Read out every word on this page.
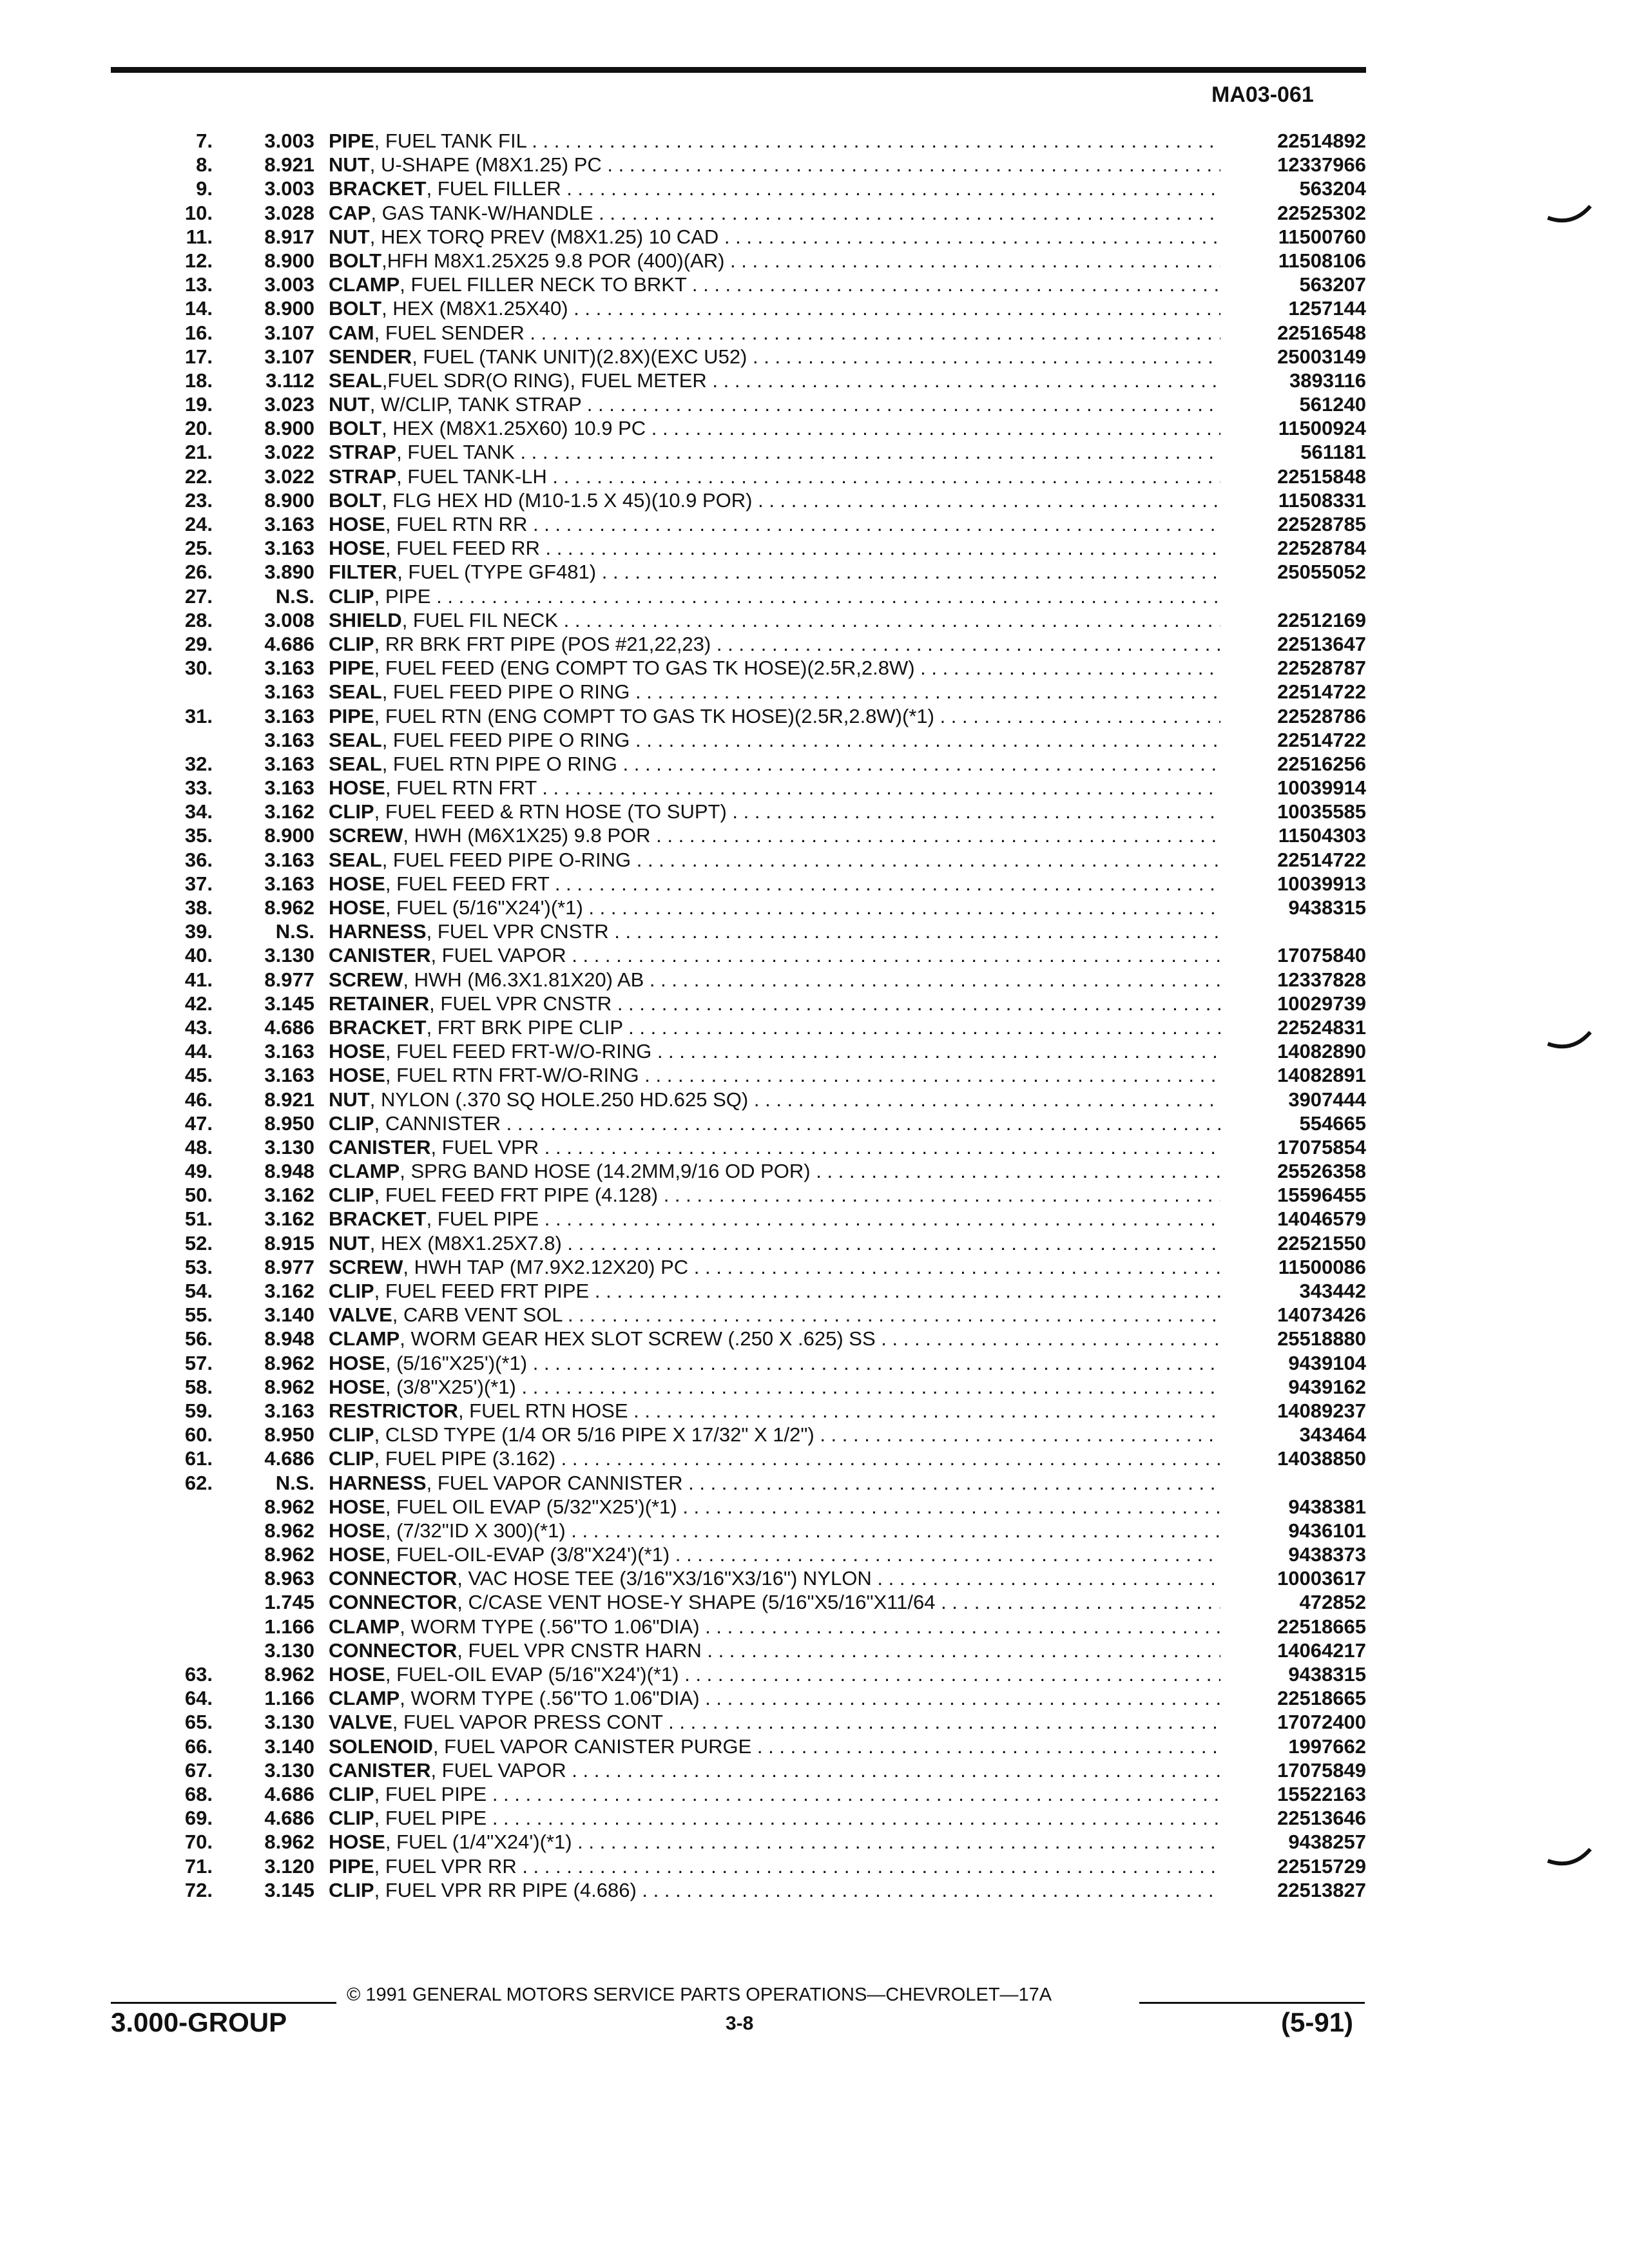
MA03-061
7.	3.003 PIPE, FUEL TANK FIL . . .	22514892
8.	8.921 NUT, U-SHAPE (M8X1.25) PC . . .	12337966
9.	3.003 BRACKET, FUEL FILLER . . .	563204
10.	3.028 CAP, GAS TANK-W/HANDLE . . .	22525302
11.	8.917 NUT, HEX TORQ PREV (M8X1.25) 10 CAD . . .	11500760
12.	8.900 BOLT,HFH M8X1.25X25 9.8 POR (400)(AR) . . .	11508106
13.	3.003 CLAMP, FUEL FILLER NECK TO BRKT . . .	563207
14.	8.900 BOLT, HEX (M8X1.25X40) . . .	1257144
16.	3.107 CAM, FUEL SENDER . . .	22516548
17.	3.107 SENDER, FUEL (TANK UNIT)(2.8X)(EXC U52) . . .	25003149
18.	3.112 SEAL,FUEL SDR(O RING), FUEL METER . . .	3893116
19.	3.023 NUT, W/CLIP, TANK STRAP . . .	561240
20.	8.900 BOLT, HEX (M8X1.25X60) 10.9 PC . . .	11500924
21.	3.022 STRAP, FUEL TANK . . .	561181
22.	3.022 STRAP, FUEL TANK-LH . . .	22515848
23.	8.900 BOLT, FLG HEX HD (M10-1.5 X 45)(10.9 POR) . . .	11508331
24.	3.163 HOSE, FUEL RTN RR . . .	22528785
25.	3.163 HOSE, FUEL FEED RR . . .	22528784
26.	3.890 FILTER, FUEL (TYPE GF481) . . .	25055052
27.	N.S. CLIP, PIPE . . .
28.	3.008 SHIELD, FUEL FIL NECK . . .	22512169
29.	4.686 CLIP, RR BRK FRT PIPE (POS #21,22,23) . . .	22513647
30.	3.163 PIPE, FUEL FEED (ENG COMPT TO GAS TK HOSE)(2.5R,2.8W) . . .	22528787
3.163 SEAL, FUEL FEED PIPE O RING . . .	22514722
31.	3.163 PIPE, FUEL RTN (ENG COMPT TO GAS TK HOSE)(2.5R,2.8W)(*1) . . .	22528786
3.163 SEAL, FUEL FEED PIPE O RING . . .	22514722
32.	3.163 SEAL, FUEL RTN PIPE O RING . . .	22516256
33.	3.163 HOSE, FUEL RTN FRT . . .	10039914
34.	3.162 CLIP, FUEL FEED & RTN HOSE (TO SUPT) . . .	10035585
35.	8.900 SCREW, HWH (M6X1X25) 9.8 POR . . .	11504303
36.	3.163 SEAL, FUEL FEED PIPE O-RING . . .	22514722
37.	3.163 HOSE, FUEL FEED FRT . . .	10039913
38.	8.962 HOSE, FUEL (5/16"X24')(*1) . . .	9438315
39.	N.S. HARNESS, FUEL VPR CNSTR . . .
40.	3.130 CANISTER, FUEL VAPOR . . .	17075840
41.	8.977 SCREW, HWH (M6.3X1.81X20) AB . . .	12337828
42.	3.145 RETAINER, FUEL VPR CNSTR . . .	10029739
43.	4.686 BRACKET, FRT BRK PIPE CLIP . . .	22524831
44.	3.163 HOSE, FUEL FEED FRT-W/O-RING . . .	14082890
45.	3.163 HOSE, FUEL RTN FRT-W/O-RING . . .	14082891
46.	8.921 NUT, NYLON (.370 SQ HOLE.250 HD.625 SQ) . . .	3907444
47.	8.950 CLIP, CANNISTER . . .	554665
48.	3.130 CANISTER, FUEL VPR . . .	17075854
49.	8.948 CLAMP, SPRG BAND HOSE (14.2MM,9/16 OD POR) . . .	25526358
50.	3.162 CLIP, FUEL FEED FRT PIPE (4.128) . . .	15596455
51.	3.162 BRACKET, FUEL PIPE . . .	14046579
52.	8.915 NUT, HEX (M8X1.25X7.8) . . .	22521550
53.	8.977 SCREW, HWH TAP (M7.9X2.12X20) PC . . .	11500086
54.	3.162 CLIP, FUEL FEED FRT PIPE . . .	343442
55.	3.140 VALVE, CARB VENT SOL . . .	14073426
56.	8.948 CLAMP, WORM GEAR HEX SLOT SCREW (.250 X .625) SS . . .	25518880
57.	8.962 HOSE, (5/16"X25')(*1) . . .	9439104
58.	8.962 HOSE, (3/8"X25')(*1) . . .	9439162
59.	3.163 RESTRICTOR, FUEL RTN HOSE . . .	14089237
60.	8.950 CLIP, CLSD TYPE (1/4 OR 5/16 PIPE X 17/32" X 1/2") . . .	343464
61.	4.686 CLIP, FUEL PIPE (3.162) . . .	14038850
62.	N.S. HARNESS, FUEL VAPOR CANNISTER . . .
8.962 HOSE, FUEL OIL EVAP (5/32"X25')(*1) . . .	9438381
8.962 HOSE, (7/32"ID X 300)(*1) . . .	9436101
8.962 HOSE, FUEL-OIL-EVAP (3/8"X24')(*1) . . .	9438373
8.963 CONNECTOR, VAC HOSE TEE (3/16"X3/16"X3/16") NYLON . . .	10003617
1.745 CONNECTOR, C/CASE VENT HOSE-Y SHAPE (5/16"X5/16"X11/64 . . .	472852
1.166 CLAMP, WORM TYPE (.56"TO 1.06"DIA) . . .	22518665
3.130 CONNECTOR, FUEL VPR CNSTR HARN . . .	14064217
63.	8.962 HOSE, FUEL-OIL EVAP (5/16"X24')(*1) . . .	9438315
64.	1.166 CLAMP, WORM TYPE (.56"TO 1.06"DIA) . . .	22518665
65.	3.130 VALVE, FUEL VAPOR PRESS CONT . . .	17072400
66.	3.140 SOLENOID, FUEL VAPOR CANISTER PURGE . . .	1997662
67.	3.130 CANISTER, FUEL VAPOR . . .	17075849
68.	4.686 CLIP, FUEL PIPE . . .	15522163
69.	4.686 CLIP, FUEL PIPE . . .	22513646
70.	8.962 HOSE, FUEL (1/4"X24')(*1) . . .	9438257
71.	3.120 PIPE, FUEL VPR RR . . .	22515729
72.	3.145 CLIP, FUEL VPR RR PIPE (4.686) . . .	22513827
© 1991 GENERAL MOTORS SERVICE PARTS OPERATIONS—CHEVROLET—17A
3.000-GROUP	3-8	(5-91)
